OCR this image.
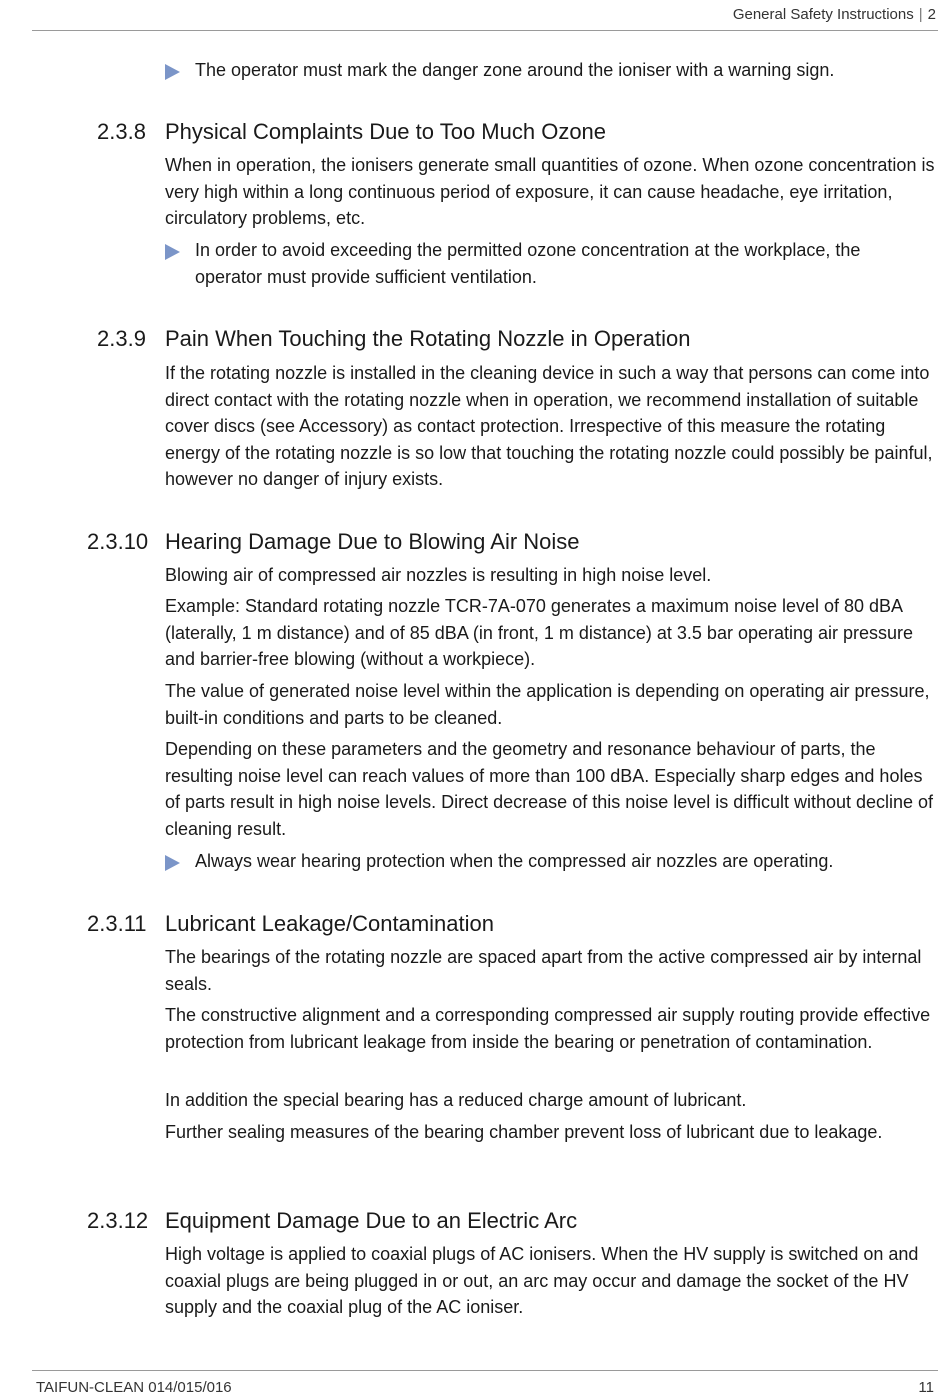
General Safety Instructions | 2
The operator must mark the danger zone around the ioniser with a warning sign.
2.3.8 Physical Complaints Due to Too Much Ozone

When in operation, the ionisers generate small quantities of ozone. When ozone concentration is very high within a long continuous period of exposure, it can cause headache, eye irritation, circulatory problems, etc.

In order to avoid exceeding the permitted ozone concentration at the workplace, the operator must provide sufficient ventilation.
2.3.9 Pain When Touching the Rotating Nozzle in Operation

If the rotating nozzle is installed in the cleaning device in such a way that persons can come into direct contact with the rotating nozzle when in operation, we recommend installation of suitable cover discs (see Accessory) as contact protection. Irrespective of this measure the rotating energy of the rotating nozzle is so low that touching the rotating nozzle could possibly be painful, however no danger of injury exists.

2.3.10 Hearing Damage Due to Blowing Air Noise

Blowing air of compressed air nozzles is resulting in high noise level.

Example: Standard rotating nozzle TCR-7A-070 generates a maximum noise level of 80 dBA (laterally, 1 m distance) and of 85 dBA (in front, 1 m distance) at 3.5 bar operating air pressure and barrier-free blowing (without a workpiece).

The value of generated noise level within the application is depending on operating air pressure, built-in conditions and parts to be cleaned.

Depending on these parameters and the geometry and resonance behaviour of parts, the resulting noise level can reach values of more than 100 dBA. Especially sharp edges and holes of parts result in high noise levels. Direct decrease of this noise level is difficult without decline of cleaning result.

Always wear hearing protection when the compressed air nozzles are operating.
2.3.11 Lubricant Leakage/Contamination

The bearings of the rotating nozzle are spaced apart from the active compressed air by internal seals.

The constructive alignment and a corresponding compressed air supply routing provide effective protection from lubricant leakage from inside the bearing or penetration of contamination.

In addition the special bearing has a reduced charge amount of lubricant.

Further sealing measures of the bearing chamber prevent loss of lubricant due to leakage.

2.3.12 Equipment Damage Due to an Electric Arc

High voltage is applied to coaxial plugs of AC ionisers. When the HV supply is switched on and coaxial plugs are being plugged in or out, an arc may occur and damage the socket of the HV supply and the coaxial plug of the AC ioniser.

TAIFUN-CLEAN 014/015/016	11
